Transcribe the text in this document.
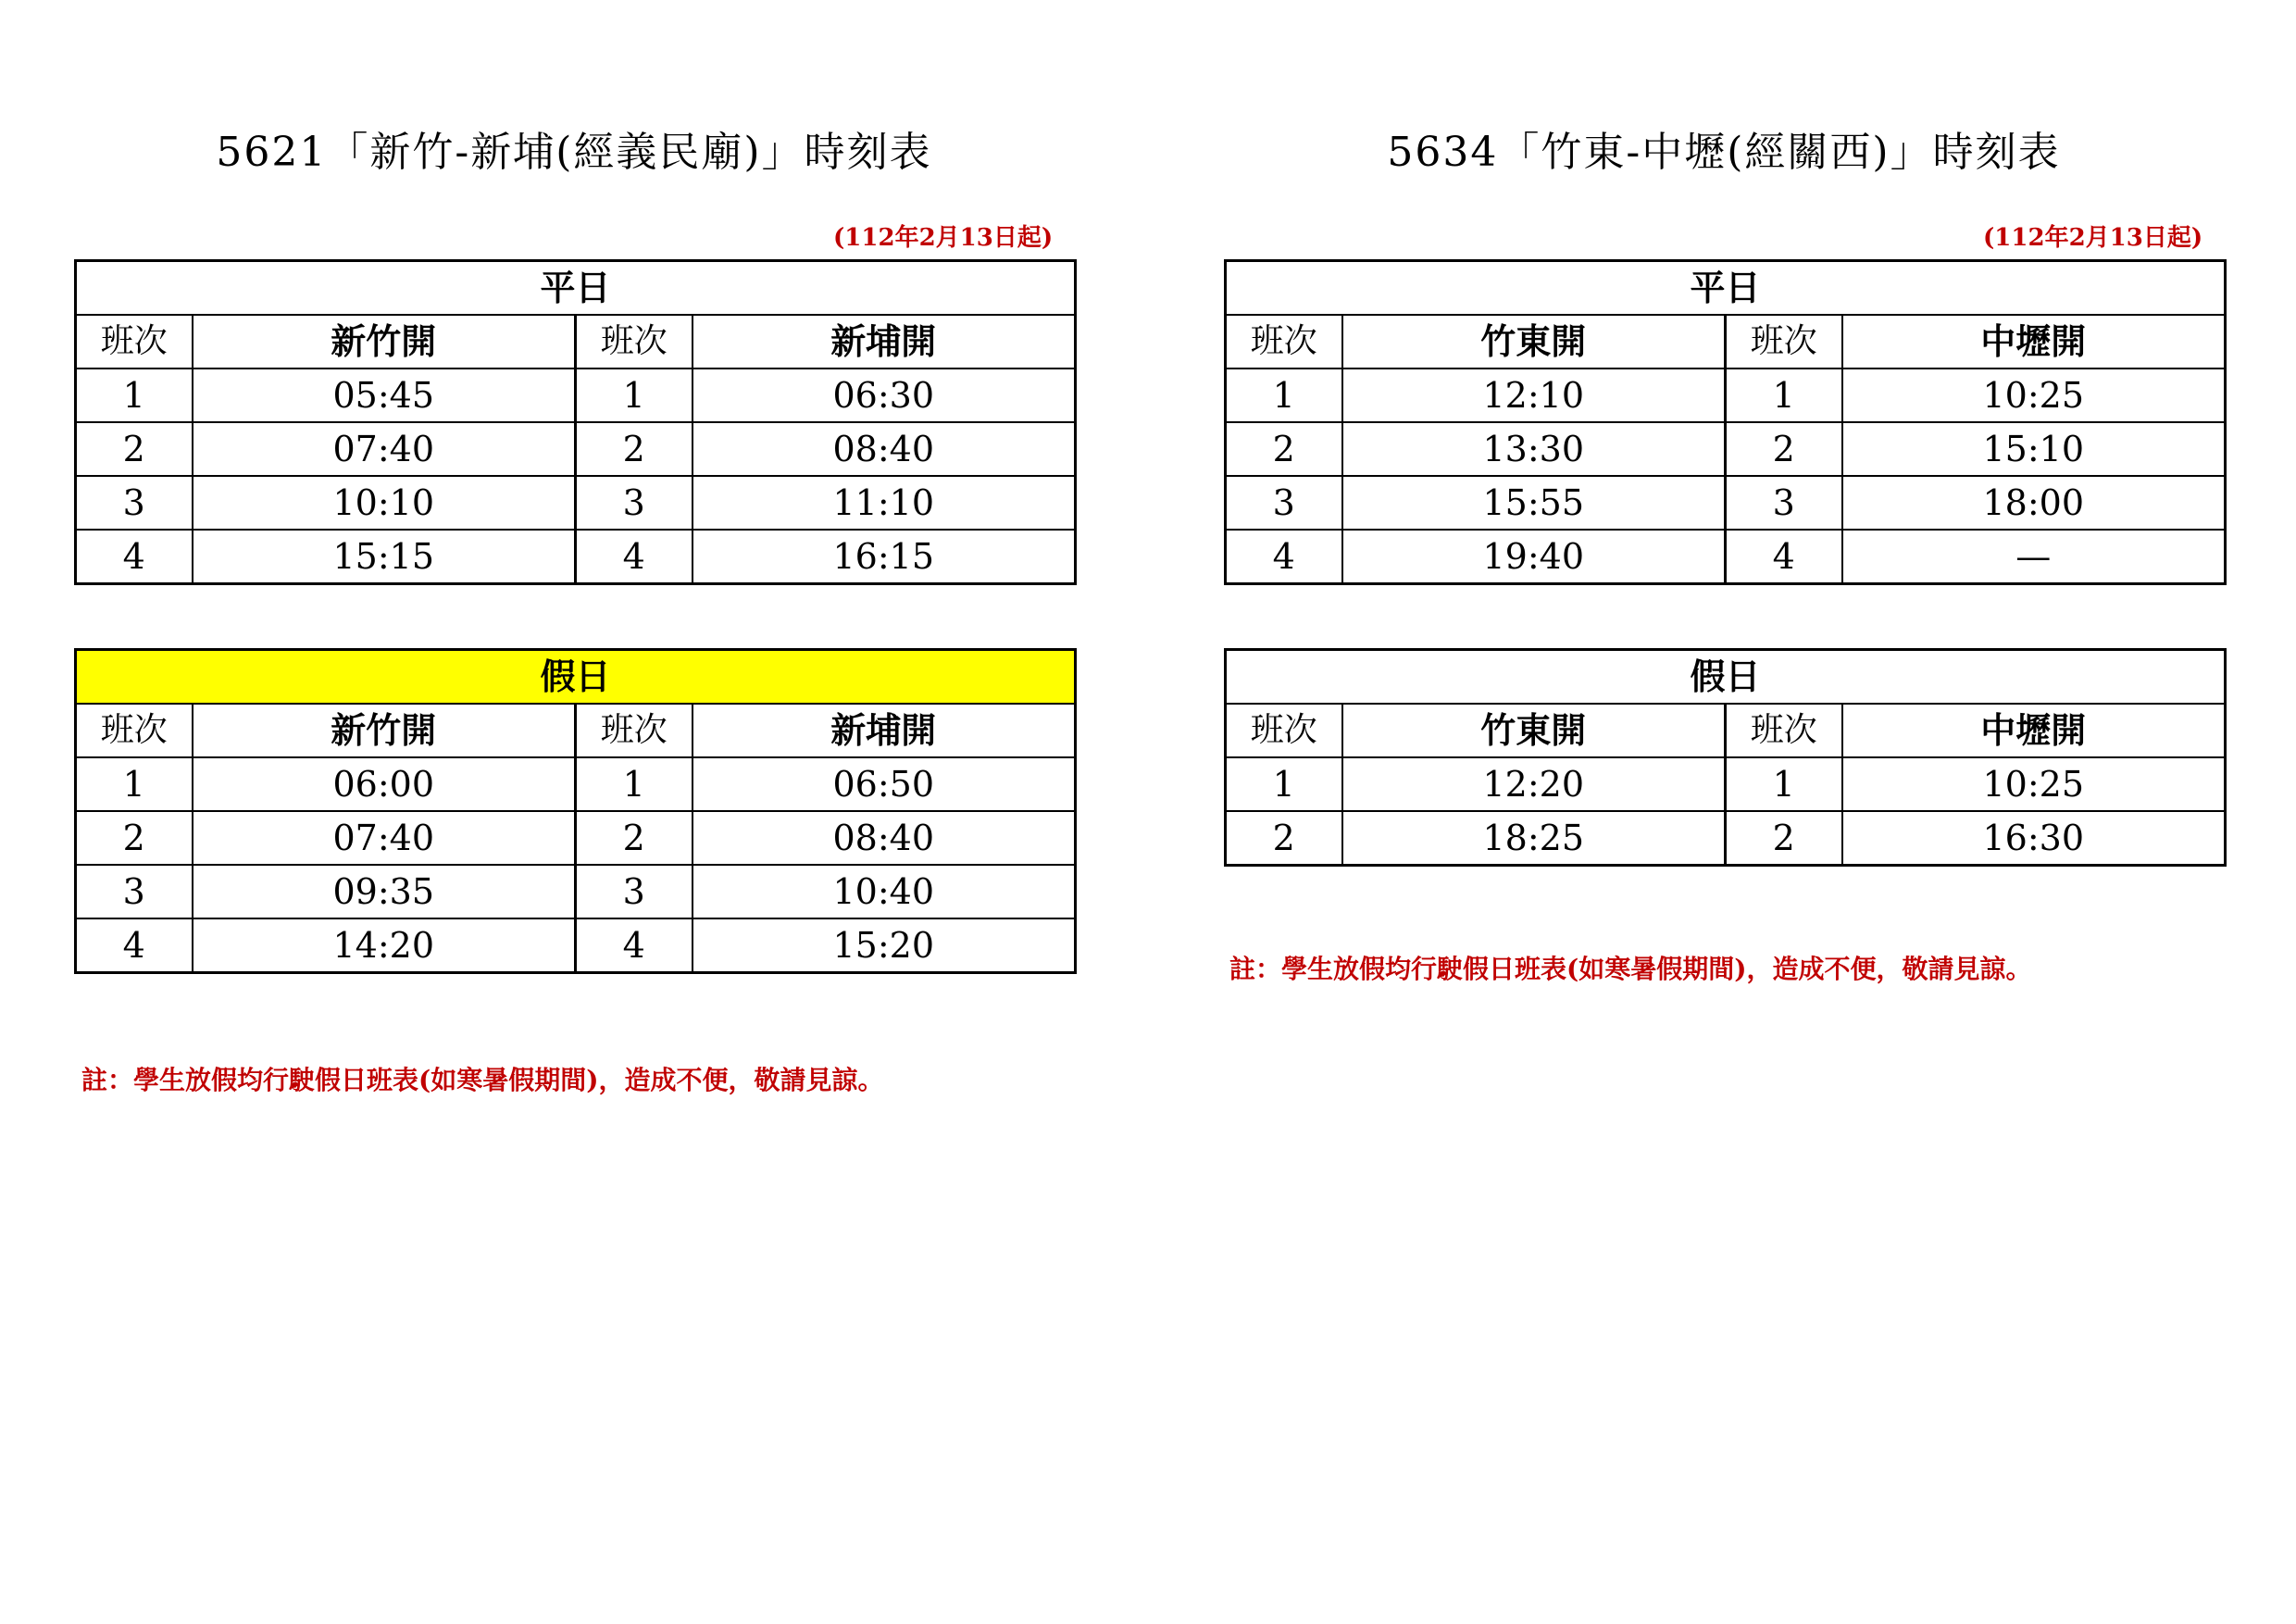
5621「新竹-新埔(經義民廟)」時刻表
(112年2月13日起)
平日			
班次	新竹開	班次	新埔開
1	05:45	1	06:30
2	07:40	2	08:40
3	10:10	3	11:10
4	15:15	4	16:15
假日			
班次	新竹開	班次	新埔開
1	06:00	1	06:50
2	07:40	2	08:40
3	09:35	3	10:40
4	14:20	4	15:20
註：學生放假均行駛假日班表(如寒暑假期間)，造成不便，敬請見諒。
5634「竹東-中壢(經關西)」時刻表
(112年2月13日起)
平日			
班次	竹東開	班次	中壢開
1	12:10	1	10:25
2	13:30	2	15:10
3	15:55	3	18:00
4	19:40	4	—
假日			
班次	竹東開	班次	中壢開
1	12:20	1	10:25
2	18:25	2	16:30
註：學生放假均行駛假日班表(如寒暑假期間)，造成不便，敬請見諒。
